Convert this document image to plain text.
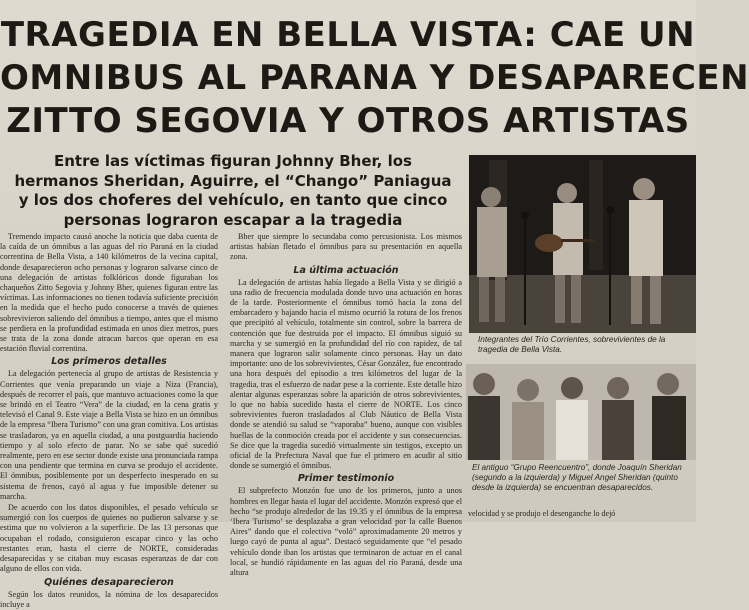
TRAGEDIA EN BELLA VISTA: CAE UN
OMNIBUS AL PARANA Y DESAPARECEN
ZITTO SEGOVIA Y OTROS ARTISTAS
Entre las víctimas figuran Johnny Bher, los
hermanos Sheridan, Aguirre, el “Chango” Paniagua
y los dos choferes del vehículo, en tanto que cinco
personas lograron escapar a la tragedia

Tremendo impacto causó anoche la noticia que daba cuenta de la caída de un ómnibus a las aguas del río Paraná en la ciudad correntina de Bella Vista, a 140 kilómetros de la vecina capital, donde desaparecieron ocho personas y lograron salvarse cinco de una delegación de artistas folklóricos donde figuraban los chaqueños Zitto Segovia y Johnny Bher, quienes figuran entre las víctimas. Las informaciones no tienen todavía suficiente precisión en la medida que el hecho pudo conocerse a través de quienes sobrevivieron saliendo del ómnibus a tiempo, antes que el mismo se perdiera en la profundidad estimada en unos diez metros, pues se trata de la zona donde atracan barcos que operan en esa estación fluvial correntina.

Los primeros detalles

La delegación pertenecía al grupo de artistas de Resistencia y Corrientes que venía preparando un viaje a Niza (Francia), después de recorrer el país, que mantuvo actuaciones como la que se brindó en el Teatro “Vera” de la ciudad, en la cena gratis y televisó el Canal 9. Este viaje a Bella Vista se hizo en un ómnibus de la empresa “Ibera Turismo” con una gran comitiva. Los artistas se trasladaron, ya en aquella ciudad, a una postguardia haciendo tiempo y al solo efecto de parar. No se sabe qué sucedió realmente, pero en ese sector donde existe una pronunciada rampa con una pendiente que termina en curva se produjo el accidente. El ómnibus, posiblemente por un desperfecto inesperado en su sistema de frenos, cayó al agua y fue imposible detener su marcha.

De acuerdo con los datos disponibles, el pesado vehículo se sumergió con los cuerpos de quienes no pudieron salvarse y se estima que no volvieron a la superficie. De las 13 personas que ocupaban el rodado, consiguieron escapar cinco y las ocho restantes eran, hasta el cierre de NORTE, consideradas desaparecidas y se citaban muy escasas esperanzas de dar con alguno de ellos con vida.

Quiénes desaparecieron

Según los datos reunidos, la nómina de los desaparecidos incluye a

Bher que siempre lo secundaba como percusionista. Los mismos artistas habían fletado el ómnibus para su presentación en aquella zona.

La última actuación

La delegación de artistas había llegado a Bella Vista y se dirigió a una radio de frecuencia modulada donde tuvo una actuación en horas de la tarde. Posteriormente el ómnibus tomó hacia la zona del embarcadero y bajando hacia el mismo ocurrió la rotura de los frenos que precipitó al vehículo, totalmente sin control, sobre la barrera de contención que fue destruida por el impacto. El ómnibus siguió su marcha y se sumergió en la profundidad del río con rapidez, de tal manera que lograron salir solamente cinco personas. Hay un dato importante: uno de los sobrevivientes, César González, fue encontrado una hora después del episodio a tres kilómetros del lugar de la tragedia, tras el esfuerzo de nadar pese a la corriente. Este detalle hizo alentar algunas esperanzas sobre la aparición de otros sobrevivientes, lo que no había sucedido hasta el cierre de NORTE. Los cinco sobrevivientes fueron trasladados al Club Náutico de Bella Vista donde se atendió su salud se “vaporaba” bueno, aunque con visibles huellas de la conmoción creada por el accidente y sus consecuencias. Se dice que la tragedia sucedió virtualmente sin testigos, excepto un oficial de la Prefectura Naval que fue el primero en acudir al sitio donde se sumergió el ómnibus.

Primer testimonio

El subprefecto Monzón fue uno de los primeros, junto a unos hombres en llegar hasta el lugar del accidente. Monzón expresó que el hecho “se produjo alrededor de las 19.35 y el ómnibus de la empresa ‘Ibera Turismo’ se desplazaba a gran velocidad por la calle Buenos Aires” dando que el colectivo “voló” aproximadamente 20 metros y luego cayó de punta al agua”. Destacó seguidamente que “el pesado vehículo donde iban los artistas que terminaron de actuar en el canal local, se hundió rápidamente en las aguas del río Paraná, desde una altura

Integrantes del Trío Corrientes, sobrevivientes de la tragedia de Bella Vista.
El antiguo “Grupo Reencuentro”, donde Joaquín Sheridan (segundo a la izquierda) y Miguel Angel Sheridan (quinto desde la izquierda) se encuentran desaparecidos.
velocidad y se produjo el desenganche lo dejó
